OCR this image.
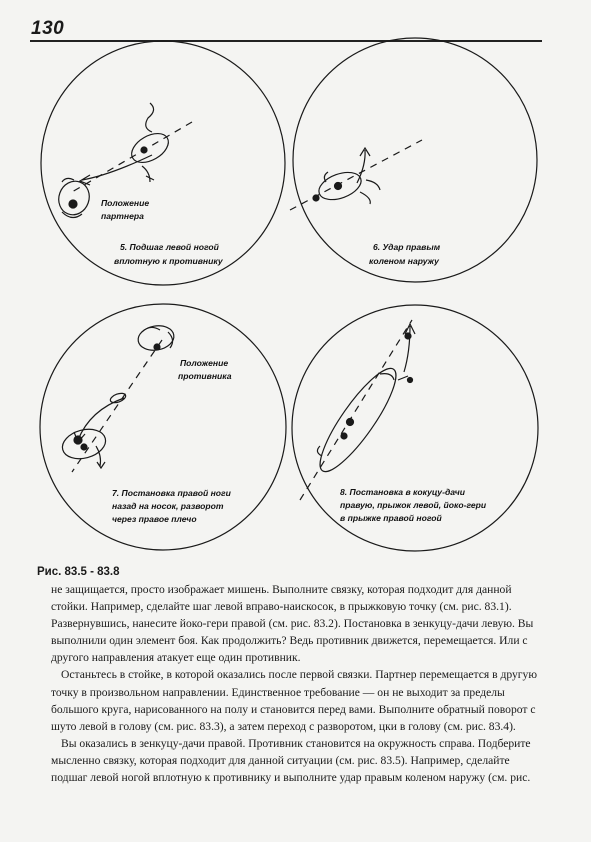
130
Положение
партнера
5. Подшаг левой ногой
вплотную к противнику
6. Удар правым
коленом наружу
Положение
противника
7. Постановка правой ноги
назад на носок, разворот
через правое плечо
8. Постановка в кокуцу-дачи
правую, прыжок левой, йоко-гери
в прыжке правой ногой
Рис. 83.5 - 83.8

не защищается, просто изображает мишень. Выполните связку, которая подходит для данной стойки. Например, сделайте шаг левой вправо-наискосок, в прыжковую точку (см. рис. 83.1). Развернувшись, нанесите йоко-гери правой (см. рис. 83.2). Постановка в зенкуцу-дачи левую. Вы выполнили один элемент боя. Как продолжить? Ведь противник движется, перемещается. Или с другого направления атакует еще один противник.

Останьтесь в стойке, в которой оказались после первой связки. Партнер перемещается в другую точку в произвольном направлении. Единственное требование — он не выходит за пределы большого круга, нарисованного на полу и становится перед вами. Выполните обратный поворот с шуто левой в голову (см. рис. 83.3), а затем переход с разворотом, цки в голову (см. рис. 83.4).

Вы оказались в зенкуцу-дачи правой. Противник становится на окружность справа. Подберите мысленно связку, которая подходит для данной ситуации (см. рис. 83.5). Например, сделайте подшаг левой ногой вплотную к противнику и выполните удар правым коленом наружу (см. рис.
